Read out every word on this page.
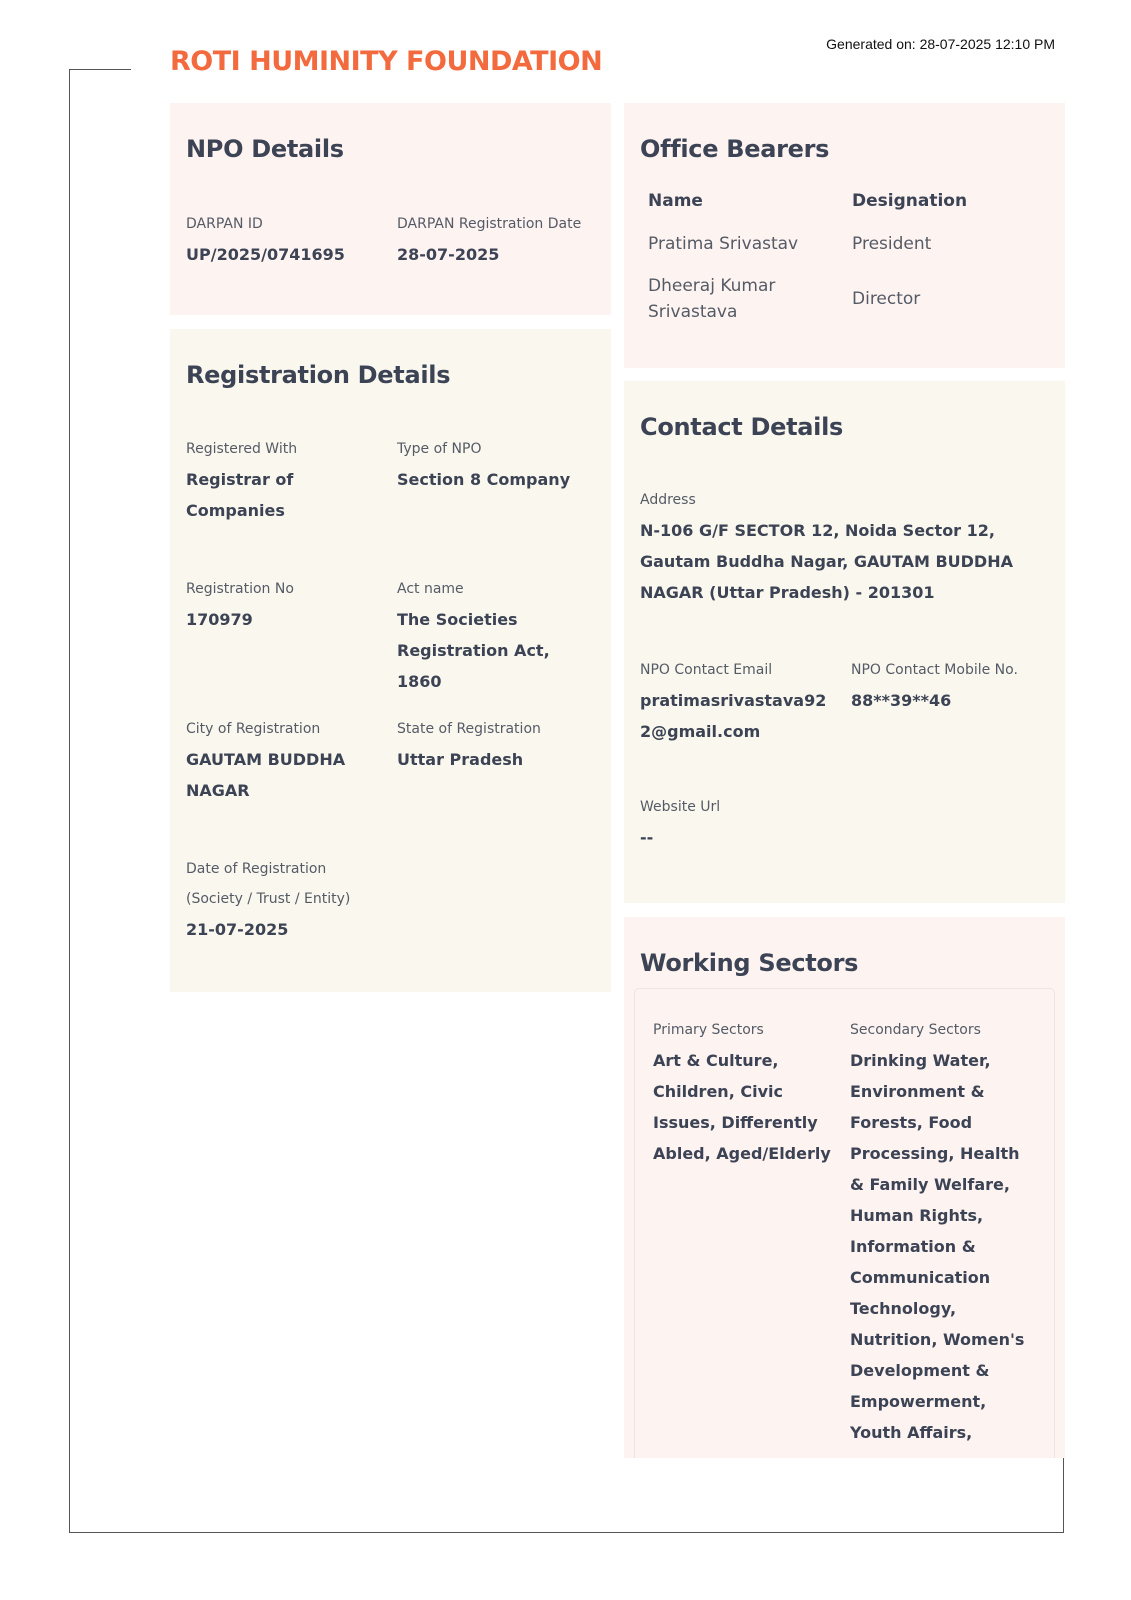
Generated on: 28-07-2025 12:10 PM
ROTI HUMINITY FOUNDATION
NPO Details
DARPAN ID
UP/2025/0741695
DARPAN Registration Date
28-07-2025
Registration Details
Registered With
Registrar of Companies
Type of NPO
Section 8 Company
Registration No
170979
Act name
The Societies Registration Act, 1860
City of Registration
GAUTAM BUDDHA NAGAR
State of Registration
Uttar Pradesh
Date of Registration (Society / Trust / Entity)
21-07-2025
Office Bearers
Name	Designation
Pratima Srivastav	President
Dheeraj Kumar Srivastava
Director
Contact Details
Address
N-106 G/F SECTOR 12, Noida Sector 12, Gautam Buddha Nagar, GAUTAM BUDDHA NAGAR (Uttar Pradesh) - 201301
NPO Contact Email
pratimasrivastava922@gmail.com
NPO Contact Mobile No.
88**39**46
Website Url
--
Working Sectors
Primary Sectors
Art & Culture, Children, Civic Issues, Differently Abled, Aged/Elderly
Secondary Sectors
Drinking Water, Environment & Forests, Food Processing, Health & Family Welfare, Human Rights, Information & Communication Technology, Nutrition, Women's Development & Empowerment, Youth Affairs,
